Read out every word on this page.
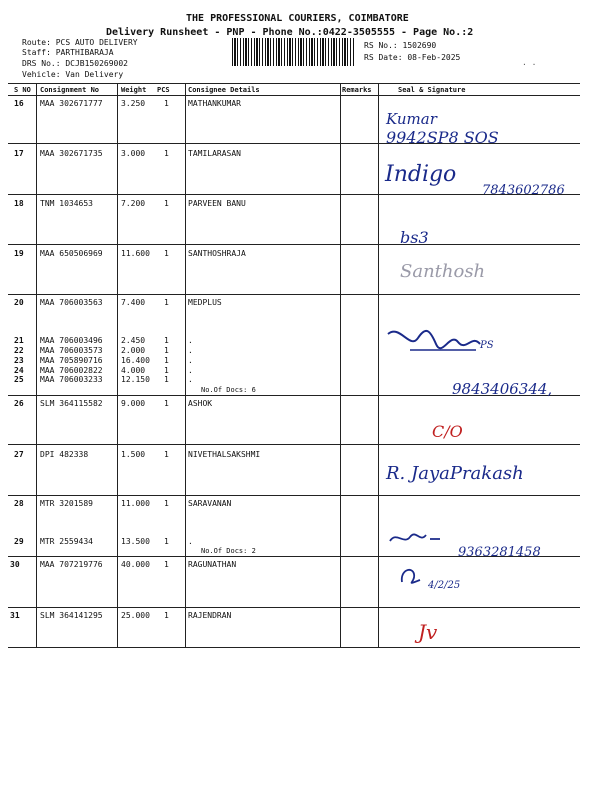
THE PROFESSIONAL COURIERS, COIMBATORE
Delivery Runsheet - PNP - Phone No.:0422-3505555 - Page No.:2
Route: PCS AUTO DELIVERY
Staff: PARTHIBARAJA
DRS No.: DCJB150269002
Vehicle: Van Delivery
RS No.: 1502690
RS Date: 08-Feb-2025
S NO Consignment No	Weight PCS	Consignee Details	Remarks	Seal & Signature
16 MAA 302671777 3.250 1 MATHANKUMAR
17 MAA 302671735 3.000 1 TAMILARASAN
18 TNM 1034653	7.200 1 PARVEEN BANU
19 MAA 650506969 11.600 1 SANTHOSHRAJA
20 MAA 706003563 7.400 1 MEDPLUS
21 MAA 706003496 2.450 1 .
22 MAA 706003573 2.000 1 .
23 MAA 705890716 16.400 1 .
24 MAA 706002822 4.000 1 .
25 MAA 706003233 12.150 1 .
No.Of Docs: 6
26 SLM 364115582 9.000 1 ASHOK
27 DPI 482338	1.500 1 NIVETHALSAKSHMI
28 MTR 3201589	11.000 1 SARAVANAN
29 MTR 2559434	13.500 1 .
No.Of Docs: 2
30	MAA 707219776 40.000 1 RAGUNATHAN
31	SLM 364141295 25.000 1 RAJENDRAN
Kumar
9942SP8 SOS
Indigo
7843602786
bs3
Santhosh
PS
9843406344,
C/O
R. JayaPrakash
9363281458
4/2/25
Jv
· ·
